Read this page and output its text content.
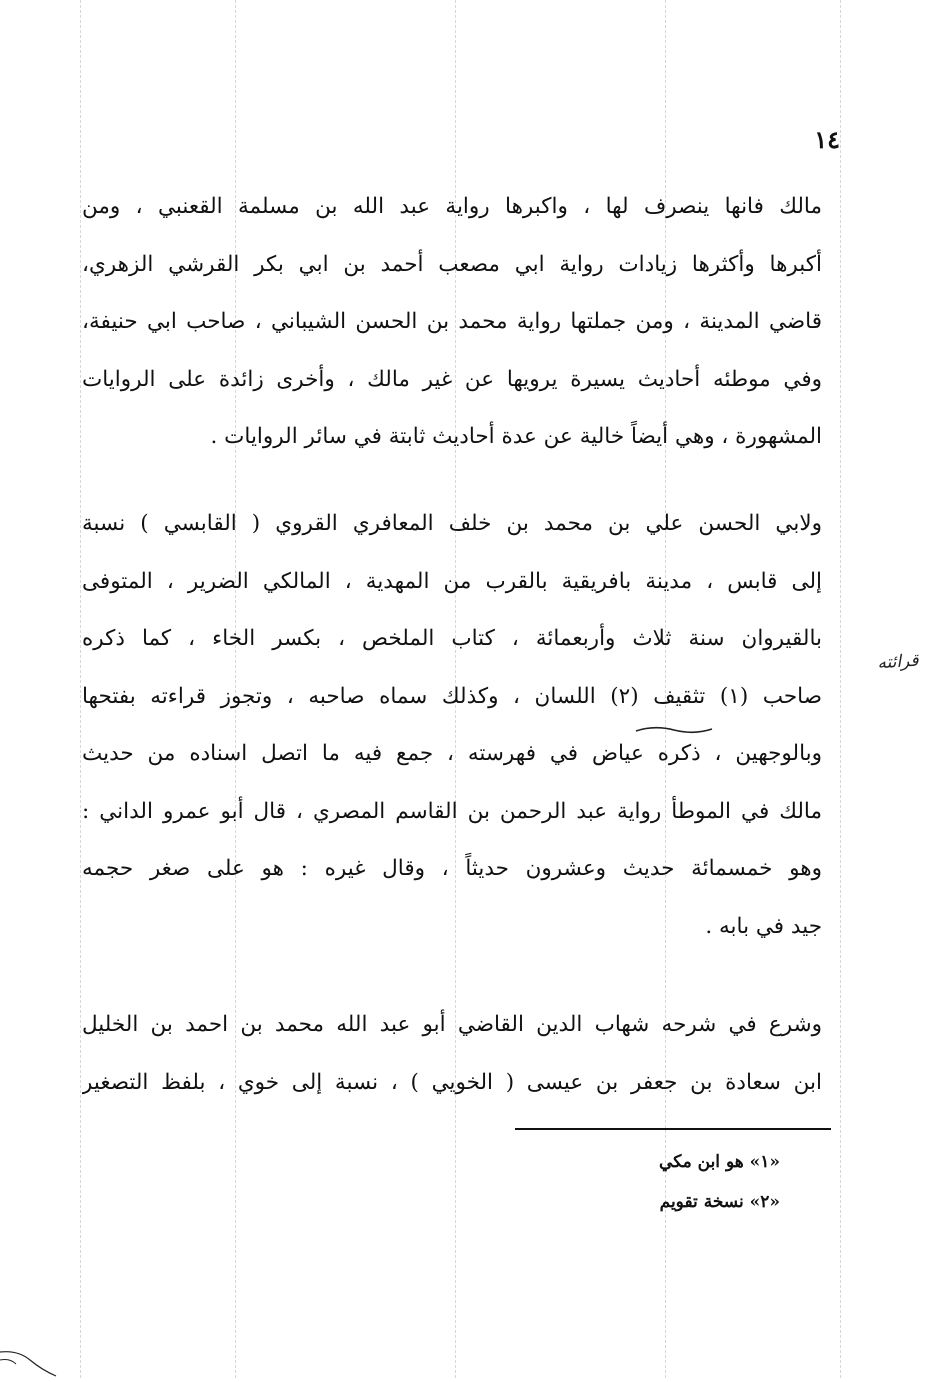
١٤
مالك فانها ينصرف لها ، واكبرها رواية عبد الله بن مسلمة القعنبي ، ومن
أكبرها وأكثرها زيادات رواية ابي مصعب أحمد بن ابي بكر القرشي الزهري،
قاضي المدينة ، ومن جملتها رواية محمد بن الحسن الشيباني ، صاحب ابي حنيفة،
وفي موطئه أحاديث يسيرة يرويها عن غير مالك ، وأخرى زائدة على الروايات
المشهورة ، وهي أيضاً خالية عن عدة أحاديث ثابتة في سائر الروايات .
ولابي الحسن علي بن محمد بن خلف المعافري القروي ( القابسي ) نسبة
إلى قابس ، مدينة بافريقية بالقرب من المهدية ، المالكي الضرير ، المتوفى
بالقيروان سنة ثلاث وأربعمائة ، كتاب الملخص ، بكسر الخاء ، كما ذكره
صاحب (١) تثقيف (٢) اللسان ، وكذلك سماه صاحبه ، وتجوز قراءته بفتحها
وبالوجهين ، ذكره عياض في فهرسته ، جمع فيه ما اتصل اسناده من حديث
مالك في الموطأ رواية عبد الرحمن بن القاسم المصري ، قال أبو عمرو الداني :
وهو خمسمائة حديث وعشرون حديثاً ، وقال غيره : هو على صغر حجمه
جيد في بابه .
وشرع في شرحه شهاب الدين القاضي أبو عبد الله محمد بن احمد بن الخليل
ابن سعادة بن جعفر بن عيسى ( الخويي ) ، نسبة إلى خوي ، بلفظ التصغير
قرائته
«١» هو ابن مكي
«٢» نسخة تقويم
